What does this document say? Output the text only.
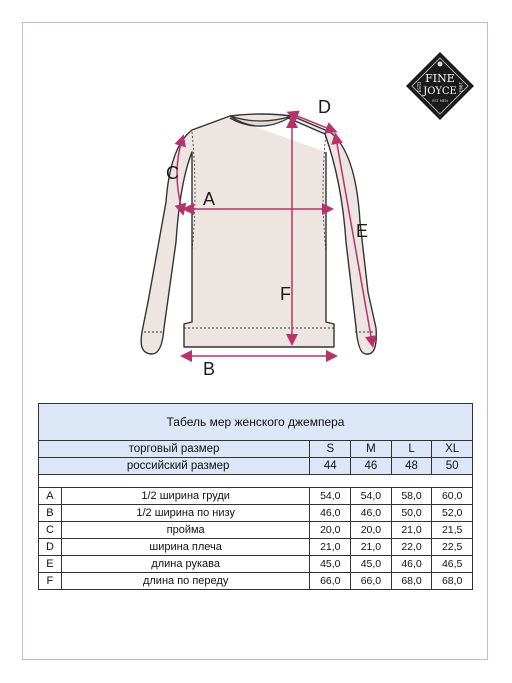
FINE
JOYCE
ESTD	1993
EST MEN
A
B
C
D
E
F
Табель мер женского джемпера					
торговый размер		S	M	L	XL
российский размер		44	46	48	50

A	1/2 ширина груди	54,0	54,0	58,0	60,0
B	1/2 ширина по низу	46,0	46,0	50,0	52,0
C	пройма	20,0	20,0	21,0	21,5
D	ширина плеча	21,0	21,0	22,0	22,5
E	длина рукава	45,0	45,0	46,0	46,5
F	длина по переду	66,0	66,0	68,0	68,0
